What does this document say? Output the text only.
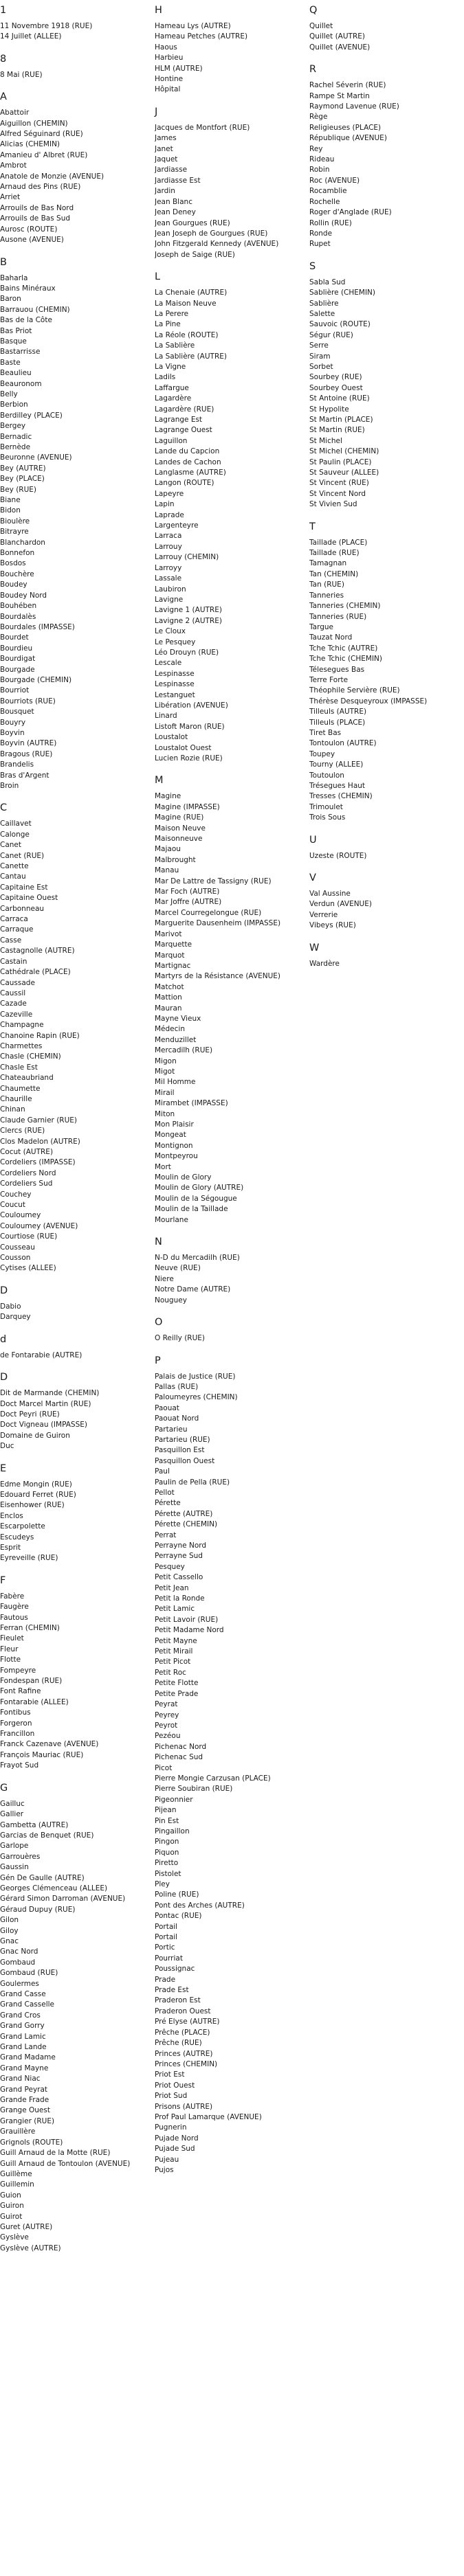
1
11 Novembre 1918 (RUE)
14 Juillet (ALLEE)
8
8 Mai (RUE)
A
Abattoir
Aiguillon (CHEMIN)
Alfred Séguinard (RUE)
Alicias (CHEMIN)
Amanieu d' Albret (RUE)
Ambrot
Anatole de Monzie (AVENUE)
Arnaud des Pins (RUE)
Arriet
Arrouils de Bas Nord
Arrouils de Bas Sud
Aurosc (ROUTE)
Ausone (AVENUE)
B
Baharla
Bains Minéraux
Baron
Barrauou (CHEMIN)
Bas de la Côte
Bas Priot
Basque
Bastarrisse
Baste
Beaulieu
Beauronom
Belly
Berbion
Berdilley (PLACE)
Bergey
Bernadic
Bernède
Beuronne (AVENUE)
Bey (AUTRE)
Bey (PLACE)
Bey (RUE)
Biane
Bidon
Bioulère
Bitrayre
Blanchardon
Bonnefon
Bosdos
Bouchère
Boudey
Boudey Nord
Bouhében
Bourdalès
Bourdales (IMPASSE)
Bourdet
Bourdieu
Bourdigat
Bourgade
Bourgade (CHEMIN)
Bourriot
Bourriots (RUE)
Bousquet
Bouyry
Boyvin
Boyvin (AUTRE)
Bragous (RUE)
Brandelis
Bras d'Argent
Broin
C
Caillavet
Calonge
Canet
Canet (RUE)
Canette
Cantau
Capitaine Est
Capitaine Ouest
Carbonneau
Carraca
Carraque
Casse
Castagnolle (AUTRE)
Castain
Cathédrale (PLACE)
Caussade
Caussil
Cazade
Cazeville
Champagne
Chanoine Rapin (RUE)
Charmettes
Chasle (CHEMIN)
Chasle Est
Chateaubriand
Chaumette
Chaurille
Chinan
Claude Garnier (RUE)
Clercs (RUE)
Clos Madelon (AUTRE)
Cocut (AUTRE)
Cordeliers (IMPASSE)
Cordeliers Nord
Cordeliers Sud
Couchey
Coucut
Couloumey
Couloumey (AVENUE)
Courtiose (RUE)
Cousseau
Cousson
Cytises (ALLEE)
D
Dabio
Darquey
d
de Fontarabie (AUTRE)
D
Dit de Marmande (CHEMIN)
Doct Marcel Martin (RUE)
Doct Peyri (RUE)
Doct Vigneau (IMPASSE)
Domaine de Guiron
Duc
E
Edme Mongin (RUE)
Edouard Ferret (RUE)
Eisenhower (RUE)
Enclos
Escarpolette
Escudeys
Esprit
Eyreveille (RUE)
F
Fabère
Faugère
Fautous
Ferran (CHEMIN)
Fieulet
Fleur
Flotte
Fompeyre
Fondespan (RUE)
Font Rafine
Fontarabie (ALLEE)
Fontibus
Forgeron
Francillon
Franck Cazenave (AVENUE)
François Mauriac (RUE)
Frayot Sud
G
Gailluc
Gallier
Gambetta (AUTRE)
Garcias de Benquet (RUE)
Garlope
Garrouères
Gaussin
Gén De Gaulle (AUTRE)
Georges Clémenceau (ALLEE)
Gérard Simon Darroman (AVENUE)
Géraud Dupuy (RUE)
Gilon
Giloy
Gnac
Gnac Nord
Gombaud
Gombaud (RUE)
Goulermes
Grand Casse
Grand Casselle
Grand Cros
Grand Gorry
Grand Lamic
Grand Lande
Grand Madame
Grand Mayne
Grand Niac
Grand Peyrat
Grande Frade
Grange Ouest
Grangier (RUE)
Grauillère
Grignols (ROUTE)
Guill Arnaud de la Motte (RUE)
Guill Arnaud de Tontoulon (AVENUE)
Guillème
Guillemin
Guion
Guiron
Guirot
Guret (AUTRE)
Gyslève
Gyslève (AUTRE)
H
Hameau Lys (AUTRE)
Hameau Petches (AUTRE)
Haous
Harbieu
HLM (AUTRE)
Hontine
Hôpital
J
Jacques de Montfort (RUE)
James
Janet
Jaquet
Jardiasse
Jardiasse Est
Jardin
Jean Blanc
Jean Deney
Jean Gourgues (RUE)
Jean Joseph de Gourgues (RUE)
John Fitzgerald Kennedy (AVENUE)
Joseph de Saige (RUE)
L
La Chenaie (AUTRE)
La Maison Neuve
La Perere
La Pine
La Réole (ROUTE)
La Sablière
La Sablière (AUTRE)
La Vigne
Ladils
Laffargue
Lagardère
Lagardère (RUE)
Lagrange Est
Lagrange Ouest
Laguillon
Lande du Capcion
Landes de Cachon
Langlasme (AUTRE)
Langon (ROUTE)
Lapeyre
Lapin
Laprade
Largenteyre
Larraca
Larrouy
Larrouy (CHEMIN)
Larroyy
Lassale
Laubiron
Lavigne
Lavigne 1 (AUTRE)
Lavigne 2 (AUTRE)
Le Cloux
Le Pesquey
Léo Drouyn (RUE)
Lescale
Lespinasse
Lespinasse
Lestanguet
Libération (AVENUE)
Linard
Listoft Maron (RUE)
Loustalot
Loustalot Ouest
Lucien Rozie (RUE)
M
Magine
Magine (IMPASSE)
Magine (RUE)
Maison Neuve
Maisonneuve
Majaou
Malbrought
Manau
Mar De Lattre de Tassigny (RUE)
Mar Foch (AUTRE)
Mar Joffre (AUTRE)
Marcel Courregelongue (RUE)
Marguerite Dausenheim (IMPASSE)
Marivot
Marquette
Marquot
Martignac
Martyrs de la Résistance (AVENUE)
Matchot
Mattion
Mauran
Mayne Vieux
Médecin
Menduzillet
Mercadilh (RUE)
Migon
Migot
Mil Homme
Mirail
Mirambet (IMPASSE)
Miton
Mon Plaisir
Mongeat
Montignon
Montpeyrou
Mort
Moulin de Glory
Moulin de Glory (AUTRE)
Moulin de la Ségougue
Moulin de la Taillade
Mourlane
N
N-D du Mercadilh (RUE)
Neuve (RUE)
Niere
Notre Dame (AUTRE)
Nouguey
O
O Reilly (RUE)
P
Palais de Justice (RUE)
Pallas (RUE)
Paloumeyres (CHEMIN)
Paouat
Paouat Nord
Partarieu
Partarieu (RUE)
Pasquillon Est
Pasquillon Ouest
Paul
Paulin de Pella (RUE)
Pellot
Pérette
Pérette (AUTRE)
Pérette (CHEMIN)
Perrat
Perrayne Nord
Perrayne Sud
Pesquey
Petit Cassello
Petit Jean
Petit la Ronde
Petit Lamic
Petit Lavoir (RUE)
Petit Madame Nord
Petit Mayne
Petit Mirail
Petit Picot
Petit Roc
Petite Flotte
Petite Prade
Peyrat
Peyrey
Peyrot
Pezéou
Pichenac Nord
Pichenac Sud
Picot
Pierre Mongie Carzusan (PLACE)
Pierre Soubiran (RUE)
Pigeonnier
Pijean
Pin Est
Pingaillon
Pingon
Piquon
Piretto
Pistolet
Pley
Poline (RUE)
Pont des Arches (AUTRE)
Pontac (RUE)
Portail
Portail
Portic
Pourriat
Poussignac
Prade
Prade Est
Praderon Est
Praderon Ouest
Pré Elyse (AUTRE)
Prêche (PLACE)
Prêche (RUE)
Princes (AUTRE)
Princes (CHEMIN)
Priot Est
Priot Ouest
Priot Sud
Prisons (AUTRE)
Prof Paul Lamarque (AVENUE)
Pugnerin
Pujade Nord
Pujade Sud
Pujeau
Pujos
Q
Quillet
Quillet (AUTRE)
Quillet (AVENUE)
R
Rachel Séverin (RUE)
Rampe St Martin
Raymond Lavenue (RUE)
Rège
Religieuses (PLACE)
République (AVENUE)
Rey
Rideau
Robin
Roc (AVENUE)
Rocamblie
Rochelle
Roger d'Anglade (RUE)
Rollin (RUE)
Ronde
Rupet
S
Sabla Sud
Sablière (CHEMIN)
Sablière
Salette
Sauvoic (ROUTE)
Ségur (RUE)
Serre
Siram
Sorbet
Sourbey (RUE)
Sourbey Ouest
St Antoine (RUE)
St Hypolite
St Martin (PLACE)
St Martin (RUE)
St Michel
St Michel (CHEMIN)
St Paulin (PLACE)
St Sauveur (ALLEE)
St Vincent (RUE)
St Vincent Nord
St Vivien Sud
T
Taillade (PLACE)
Taillade (RUE)
Tamagnan
Tan (CHEMIN)
Tan (RUE)
Tanneries
Tanneries (CHEMIN)
Tanneries (RUE)
Targue
Tauzat Nord
Tche Tchic (AUTRE)
Tche Tchic (CHEMIN)
Télesegues Bas
Terre Forte
Théophile Servière (RUE)
Thérèse Desqueyroux (IMPASSE)
Tilleuls (AUTRE)
Tilleuls (PLACE)
Tiret Bas
Tontoulon (AUTRE)
Toupey
Tourny (ALLEE)
Toutoulon
Trésegues Haut
Tresses (CHEMIN)
Trimoulet
Trois Sous
U
Uzeste (ROUTE)
V
Val Aussine
Verdun (AVENUE)
Verrerie
Vibeys (RUE)
W
Wardère
